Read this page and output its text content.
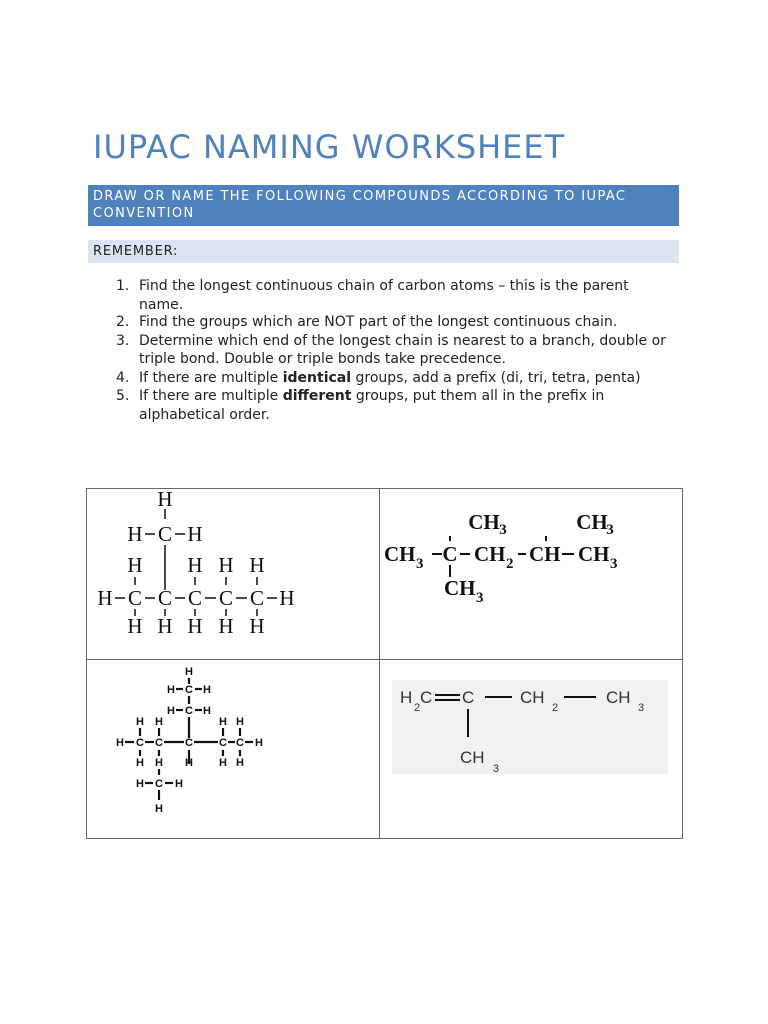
IUPAC NAMING WORKSHEET
DRAW OR NAME THE FOLLOWING COMPOUNDS ACCORDING TO IUPAC CONVENTION
REMEMBER:
1. Find the longest continuous chain of carbon atoms – this is the parent name.
2. Find the groups which are NOT part of the longest continuous chain.
3. Determine which end of the longest chain is nearest to a branch, double or triple bond. Double or triple bonds take precedence.
4. If there are multiple identical groups, add a prefix (di, tri, tetra, penta)
5. If there are multiple different groups, put them all in the prefix in alphabetical order.
H
H C H
H H H H
H C C C C C H
H H H H H
CH 3	CH
3
CH 3 C CH 2 CH CH 3
CH 3
H
H C H
H C H
H C C C C C H
H H	H H
H	H H
H H
H C H
H
H
2
C C	CH
2
CH
3
CH
3
